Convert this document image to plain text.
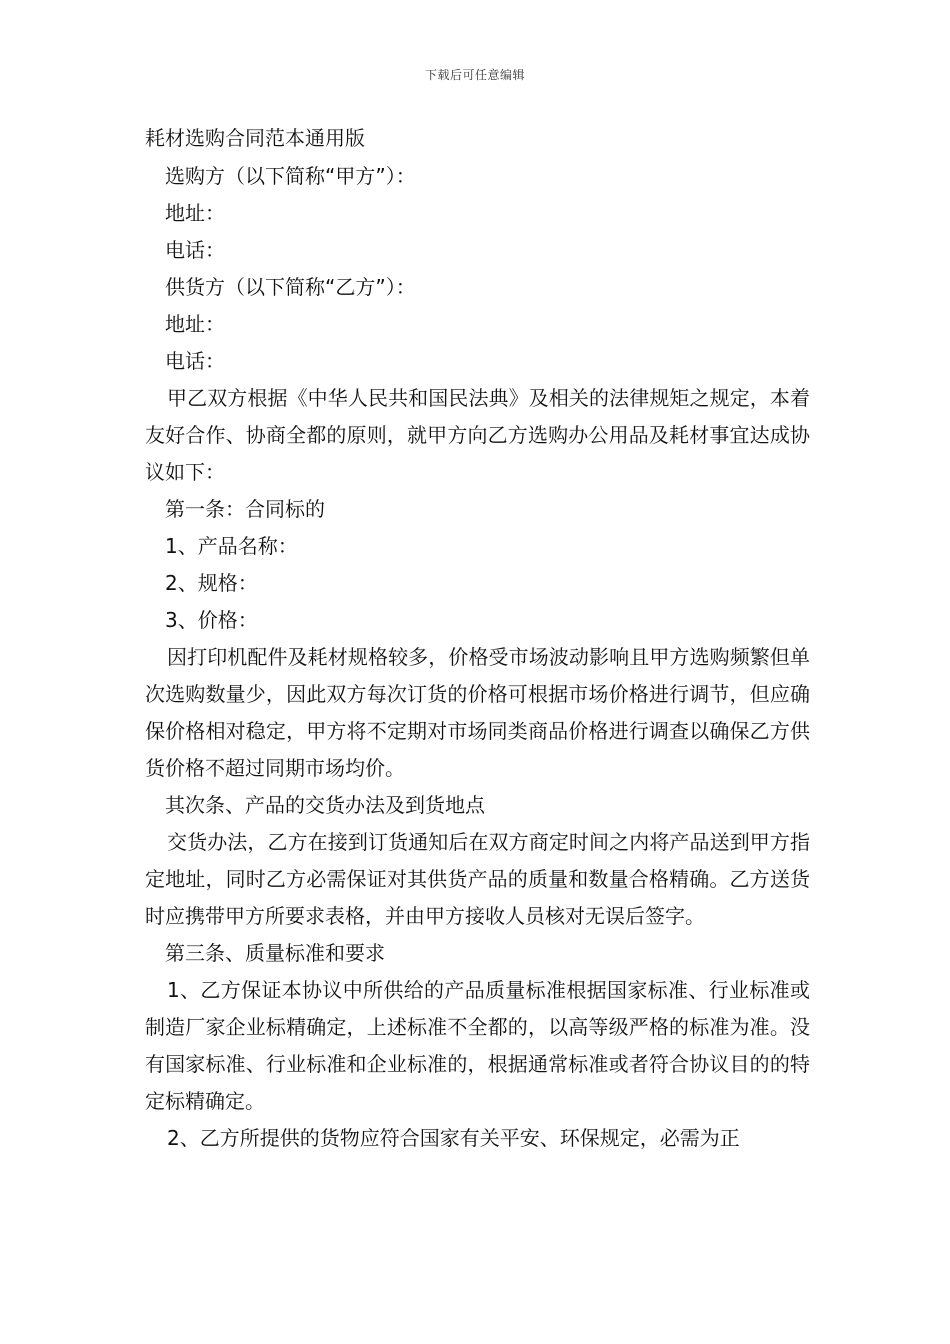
下载后可任意编辑
耗材选购合同范本通用版

选购方（以下简称“甲方”）：

地址：

电话：

供货方（以下简称“乙方”）：

地址：

电话：

甲乙双方根据《中华人民共和国民法典》及相关的法律规矩之规定，本着友好合作、协商全都的原则，就甲方向乙方选购办公用品及耗材事宜达成协议如下：

第一条：合同标的

1、产品名称：

2、规格：

3、价格：

因打印机配件及耗材规格较多，价格受市场波动影响且甲方选购频繁但单次选购数量少，因此双方每次订货的价格可根据市场价格进行调节，但应确保价格相对稳定，甲方将不定期对市场同类商品价格进行调查以确保乙方供货价格不超过同期市场均价。

其次条、产品的交货办法及到货地点

交货办法，乙方在接到订货通知后在双方商定时间之内将产品送到甲方指定地址，同时乙方必需保证对其供货产品的质量和数量合格精确。乙方送货时应携带甲方所要求表格，并由甲方接收人员核对无误后签字。

第三条、质量标准和要求

1、乙方保证本协议中所供给的产品质量标准根据国家标准、行业标准或制造厂家企业标精确定，上述标准不全都的，以高等级严格的标准为准。没有国家标准、行业标准和企业标准的，根据通常标准或者符合协议目的的特定标精确定。

2、乙方所提供的货物应符合国家有关平安、环保规定，必需为正
